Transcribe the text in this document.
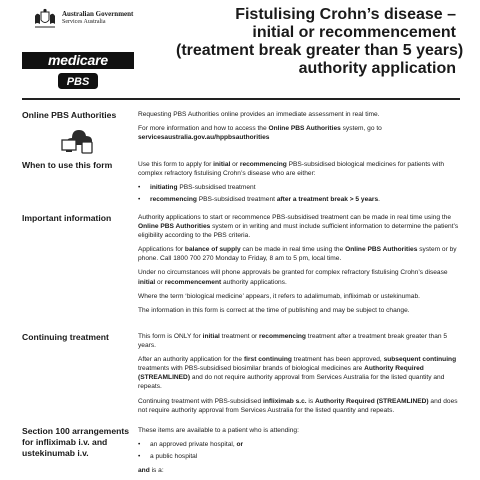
Australian Government
Services Australia
medicare
PBS
Fistulising Crohn’s disease –
initial or recommencement
(treatment break greater than 5 years)
authority application
Online PBS Authorities	Requesting PBS Authorities online provides an immediate assessment in real time.

For more information and how to access the Online PBS Authorities system, go to servicesaustralia.gov.au/hppbsauthorities

When to use this form	Use this form to apply for initial or recommencing PBS-subsidised biological medicines for patients with complex refractory fistulising Crohn’s disease who are either:

• initiating PBS-subsidised treatment
• recommencing PBS-subsidised treatment after a treatment break > 5 years.
Important information	Authority applications to start or recommence PBS-subsidised treatment can be made in real time using the Online PBS Authorities system or in writing and must include sufficient information to determine the patient’s eligibility according to the PBS criteria.

Applications for balance of supply can be made in real time using the Online PBS Authorities system or by phone. Call 1800 700 270 Monday to Friday, 8 am to 5 pm, local time.

Under no circumstances will phone approvals be granted for complex refractory fistulising Crohn’s disease initial or recommencement authority applications.

Where the term ‘biological medicine’ appears, it refers to adalimumab, infliximab or ustekinumab.

The information in this form is correct at the time of publishing and may be subject to change.

Continuing treatment	This form is ONLY for initial treatment or recommencing treatment after a treatment break greater than 5 years.

After an authority application for the first continuing treatment has been approved, subsequent continuing treatments with PBS-subsidised biosimilar brands of biological medicines are Authority Required (STREAMLINED) and do not require authority approval from Services Australia for the listed quantity and repeats.

Continuing treatment with PBS-subsidised infliximab s.c. is Authority Required (STREAMLINED) and does not require authority approval from Services Australia for the listed quantity and repeats.

Section 100 arrangements
for infliximab i.v. and
ustekinumab i.v.

These items are available to a patient who is attending:

• an approved private hospital, or
• a public hospital

and is a:
